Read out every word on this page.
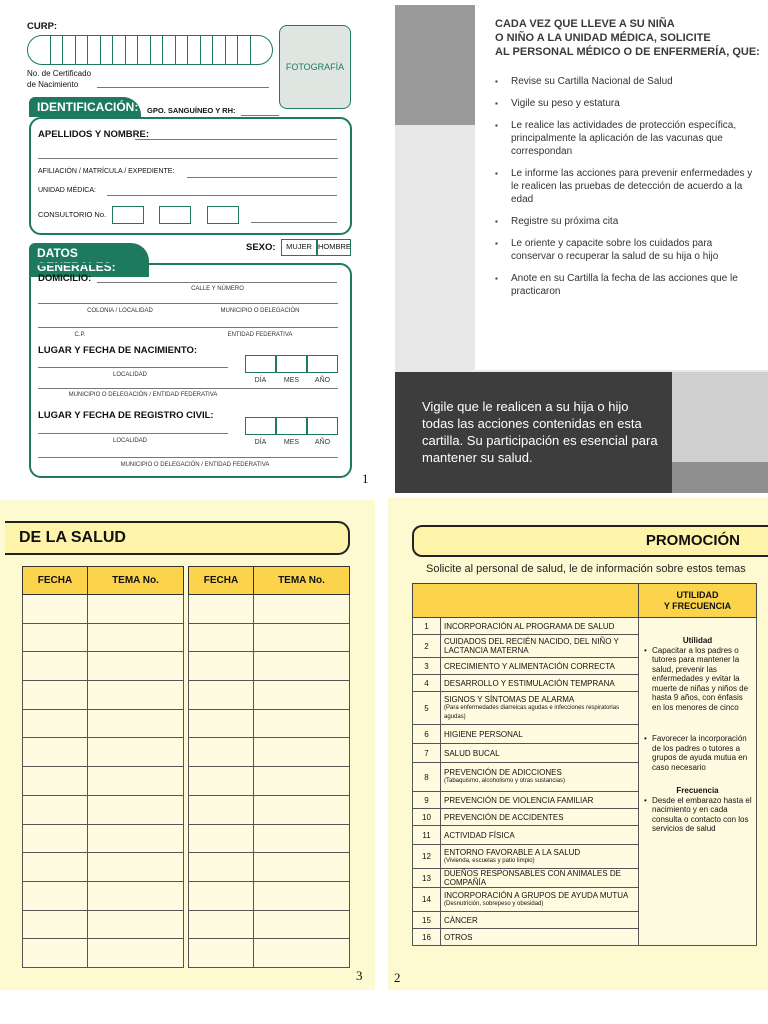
CURP:
FOTOGRAFÍA
No. de Certificado
de Nacimiento
IDENTIFICACIÓN:	GPO. SANGUÍNEO Y RH:
APELLIDOS Y NOMBRE:
AFILIACIÓN / MATRÍCULA / EXPEDIENTE:
UNIDAD MÉDICA:
CONSULTORIO No.
DATOS GENERALES:
SEXO:	MUJER HOMBRE
DOMICILIO:
CALLE Y NÚMERO
COLONIA / LOCALIDAD	MUNICIPIO O DELEGACIÓN
C.P.	ENTIDAD FEDERATIVA
LUGAR Y FECHA DE NACIMIENTO:
LOCALIDAD
DÍA	MES	AÑO
MUNICIPIO O DELEGACIÓN / ENTIDAD FEDERATIVA
LUGAR Y FECHA DE REGISTRO CIVIL:
LOCALIDAD	DÍA	MES	AÑO
MUNICIPIO O DELEGACIÓN / ENTIDAD FEDERATIVA
1
CADA VEZ QUE LLEVE A SU NIÑA
O NIÑO A LA UNIDAD MÉDICA, SOLICITE
AL PERSONAL MÉDICO O DE ENFERMERÍA, QUE:
▪ Revise su Cartilla Nacional de Salud
▪ Vigile su peso y estatura
▪ Le realice las actividades de protección específica, principalmente la aplicación de las vacunas que correspondan
▪ Le informe las acciones para prevenir enfermedades y le realicen las pruebas de detección de acuerdo a la edad
▪ Registre su próxima cita
▪ Le oriente y capacite sobre los cuidados para conservar o recuperar la salud de su hija o hijo
▪ Anote en su Cartilla la fecha de las acciones que le practicaron
Vigile que le realicen a su hija o hijo todas las acciones contenidas en esta cartilla. Su participación es esencial para mantener su salud.
DE LA SALUD
FECHA	TEMA No.

		FECHA	TEMA No.

3
PROMOCIÓN
Solicite al personal de salud, le de información sobre estos temas

		UTILIDAD
Y FRECUENCIA

1	INCORPORACIÓN AL PROGRAMA DE SALUD	Utilidad
• Capacitar a los padres o tutores para mantener la salud, prevenir las enfermedades y evitar la muerte de niñas y niños de hasta 9 años, con énfasis en los menores de cinco
• Favorecer la incorporación de los padres o tutores a grupos de ayuda mutua en caso necesario
Frecuencia
• Desde el embarazo hasta el nacimiento y en cada consulta o contacto con los servicios de salud

2	CUIDADOS DEL RECIÉN NACIDO, DEL NIÑO Y LACTANCIA MATERNA	
3	CRECIMIENTO Y ALIMENTACIÓN CORRECTA	
4	DESARROLLO Y ESTIMULACIÓN TEMPRANA	
5	SIGNOS Y SÍNTOMAS DE ALARMA
(Para enfermedades diarreicas agudas e infecciones respiratorias agudas)	

6	HIGIENE PERSONAL	
7	SALUD BUCAL	
8	PREVENCIÓN DE ADICCIONES
(Tabaquismo, alcoholismo y otras sustancias)	

9	PREVENCIÓN DE VIOLENCIA FAMILIAR	
10	PREVENCIÓN DE ACCIDENTES	
11	ACTIVIDAD FÍSICA	
12	ENTORNO FAVORABLE A LA SALUD
(Vivienda, escuelas y patio limpio)	

13	DUEÑOS RESPONSABLES CON ANIMALES DE COMPAÑÍA	
14	INCORPORACIÓN A GRUPOS DE AYUDA MUTUA
(Desnutrición, sobrepeso y obesidad)	

15	CÁNCER	
16	OTROS	
2
